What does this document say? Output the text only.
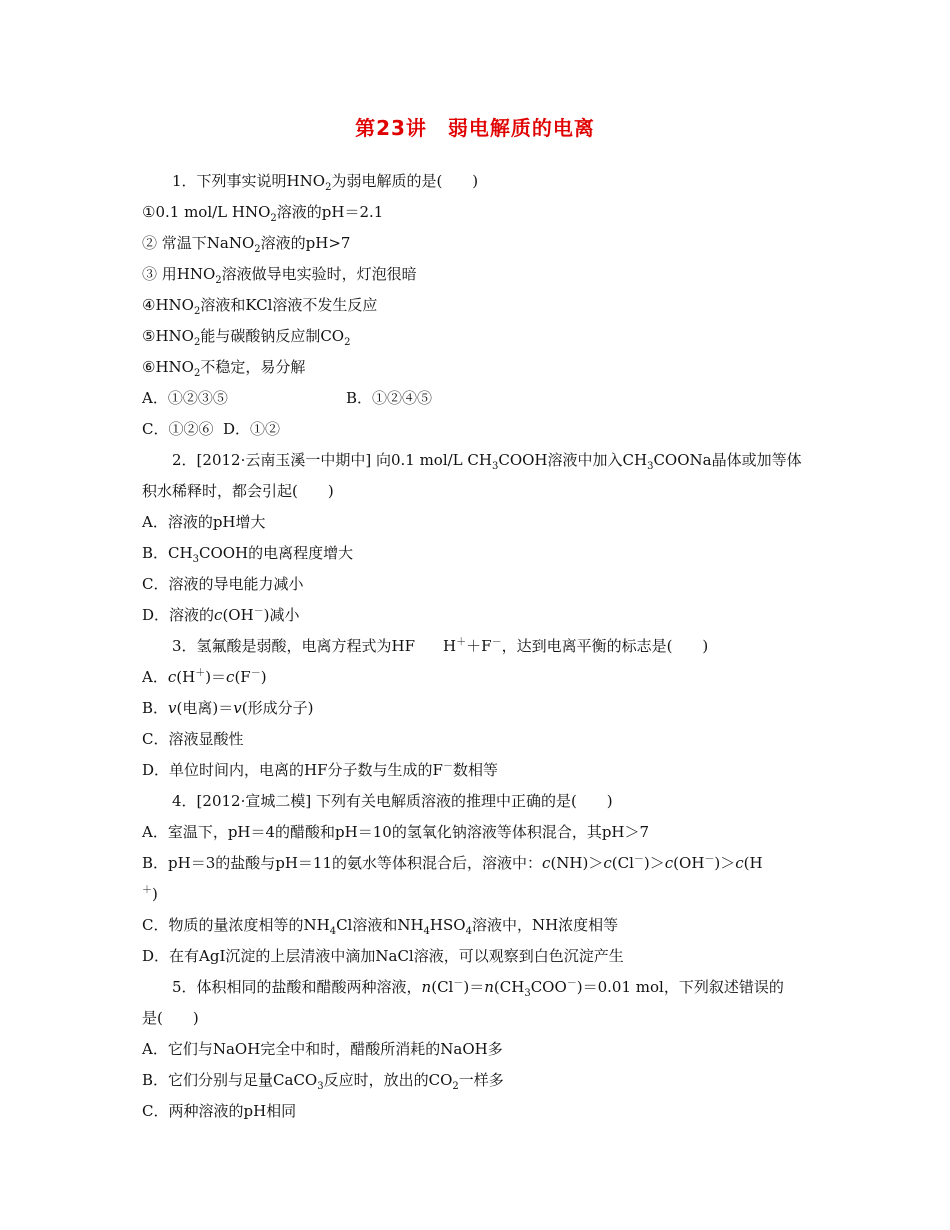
第23讲　弱电解质的电离
1．下列事实说明$HNO_2$为弱电解质的是(　　)
①0.1 mol/L $HNO_2$溶液的pH＝2.1
② 常温下NaNO$_2$溶液的pH>7
③ 用$HNO_2$溶液做导电实验时，灯泡很暗
$④HNO_2$溶液和KCl溶液不发生反应
$⑤HNO_2$能与碳酸钠反应制$CO_2$
$⑥HNO_2$不稳定，易分解
A．①②③⑤	B．①②④⑤
C．①②⑥ D．①②
2．[2012·云南玉溪一中期中] 向0.1 mol/L $CH_3COOH$溶液中加入$CH_3COONa$晶体或加等体
积水稀释时，都会引起(　　)
A．溶液的pH增大
B．$CH_3COOH$的电离程度增大
C．溶液的导电能力减小
D．溶液的c(OH－)减小
3．氢氟酸是弱酸，电离方程式为HF H＋＋F－，达到电离平衡的标志是(　　)
A．c(H＋)＝c(F－)
B．v(电离)＝v(形成分子)
C．溶液显酸性
D．单位时间内，电离的HF分子数与生成的F－数相等
4．[2012·宣城二模] 下列有关电解质溶液的推理中正确的是(　　)
A．室温下，pH＝4的醋酸和pH＝10的氢氧化钠溶液等体积混合，其pH＞7
B．pH＝3的盐酸与pH＝11的氨水等体积混合后，溶液中：c(NH)＞c(Cl－)＞c(OH－)＞c(H
＋)
C．物质的量浓度相等的$NH_4Cl$溶液和$NH_4HSO_4$溶液中，NH浓度相等
D．在有AgI沉淀的上层清液中滴加NaCl溶液，可以观察到白色沉淀产生
5．体积相同的盐酸和醋酸两种溶液，$n(Cl^-)=n(CH_3COO^-)=0.01$ mol，下列叙述错误的
是(　　)
A．它们与NaOH完全中和时，醋酸所消耗的NaOH多
B．它们分别与足量CaCO$_3$反应时，放出的$CO_2$一样多
C．两种溶液的pH相同
